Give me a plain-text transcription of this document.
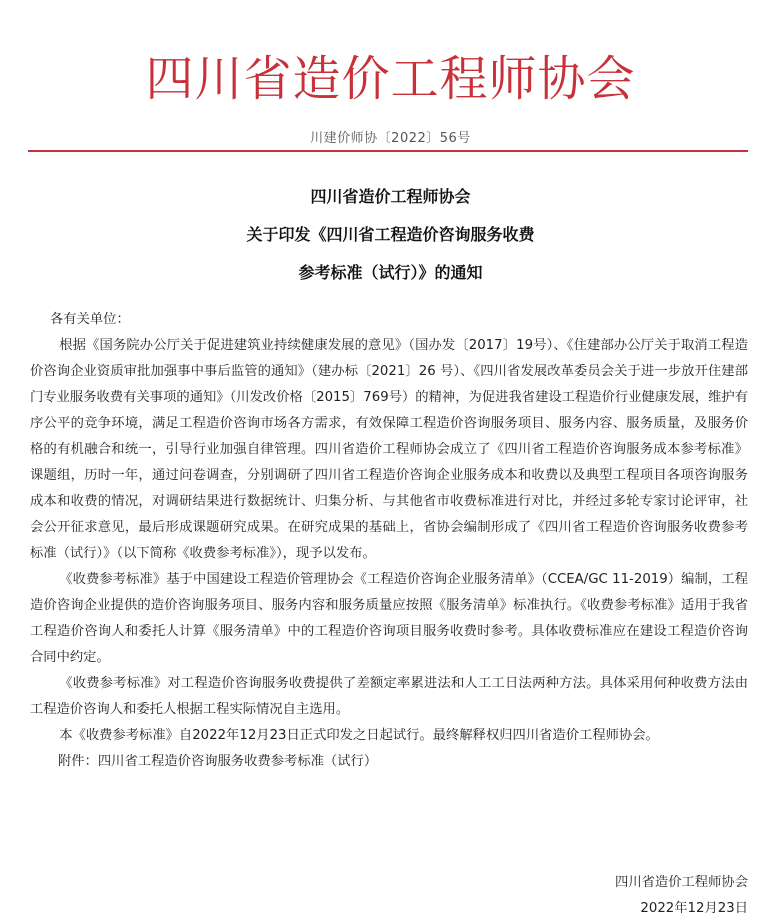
四川省造价工程师协会
川建价师协〔2022〕56号
四川省造价工程师协会
关于印发《四川省工程造价咨询服务收费
参考标准（试行）》的通知

各有关单位：

根据《国务院办公厅关于促进建筑业持续健康发展的意见》（国办发〔2017〕19号）、《住建部办公厅关于取消工程造价咨询企业资质审批加强事中事后监管的通知》（建办标〔2021〕26 号）、《四川省发展改革委员会关于进一步放开住建部门专业服务收费有关事项的通知》（川发改价格〔2015〕769号）的精神，为促进我省建设工程造价行业健康发展，维护有序公平的竞争环境，满足工程造价咨询市场各方需求，有效保障工程造价咨询服务项目、服务内容、服务质量，及服务价格的有机融合和统一，引导行业加强自律管理。四川省造价工程师协会成立了《四川省工程造价咨询服务成本参考标准》课题组，历时一年，通过问卷调查，分别调研了四川省工程造价咨询企业服务成本和收费以及典型工程项目各项咨询服务成本和收费的情况，对调研结果进行数据统计、归集分析、与其他省市收费标准进行对比，并经过多轮专家讨论评审，社会公开征求意见，最后形成课题研究成果。在研究成果的基础上，省协会编制形成了《四川省工程造价咨询服务收费参考标准（试行）》（以下简称《收费参考标准》），现予以发布。

《收费参考标准》基于中国建设工程造价管理协会《工程造价咨询企业服务清单》（CCEA/GC 11-2019）编制，工程造价咨询企业提供的造价咨询服务项目、服务内容和服务质量应按照《服务清单》标准执行。《收费参考标准》适用于我省工程造价咨询人和委托人计算《服务清单》中的工程造价咨询项目服务收费时参考。具体收费标准应在建设工程造价咨询合同中约定。

《收费参考标准》对工程造价咨询服务收费提供了差额定率累进法和人工工日法两种方法。具体采用何种收费方法由工程造价咨询人和委托人根据工程实际情况自主选用。

本《收费参考标准》自2022年12月23日正式印发之日起试行。最终解释权归四川省造价工程师协会。

附件：四川省工程造价咨询服务收费参考标准（试行）

四川省造价工程师协会
2022年12月23日
